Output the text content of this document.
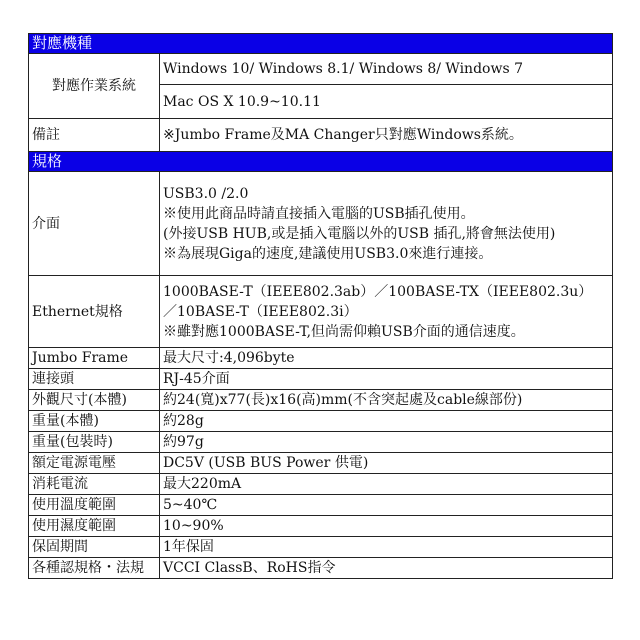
對應機種	
對應作業系統	Windows 10/ Windows 8.1/ Windows 8/ Windows 7
	Mac OS X 10.9~10.11
備註	※Jumbo Frame及MA Changer只對應Windows系統。
規格	
介面	USB3.0 /2.0
※使用此商品時請直接插入電腦的USB插孔使用。
(外接USB HUB,或是插入電腦以外的USB 插孔,將會無法使用)
※為展現Giga的速度,建議使用USB3.0來進行連接。

Ethernet規格	1000BASE-T（IEEE802.3ab）／100BASE-TX（IEEE802.3u）
／10BASE-T（IEEE802.3i）
※雖對應1000BASE-T,但尚需仰賴USB介面的通信速度。

Jumbo Frame	最大尺寸:4,096byte
連接頭	RJ-45介面
外觀尺寸(本體)	約24(寬)x77(長)x16(高)mm(不含突起處及cable線部份)
重量(本體)	約28g
重量(包裝時)	約97g
額定電源電壓	DC5V (USB BUS Power 供電)
消耗電流	最大220mA
使用溫度範圍	5~40℃
使用濕度範圍	10~90%
保固期間	1年保固
各種認規格・法規	VCCI ClassB、RoHS指令
